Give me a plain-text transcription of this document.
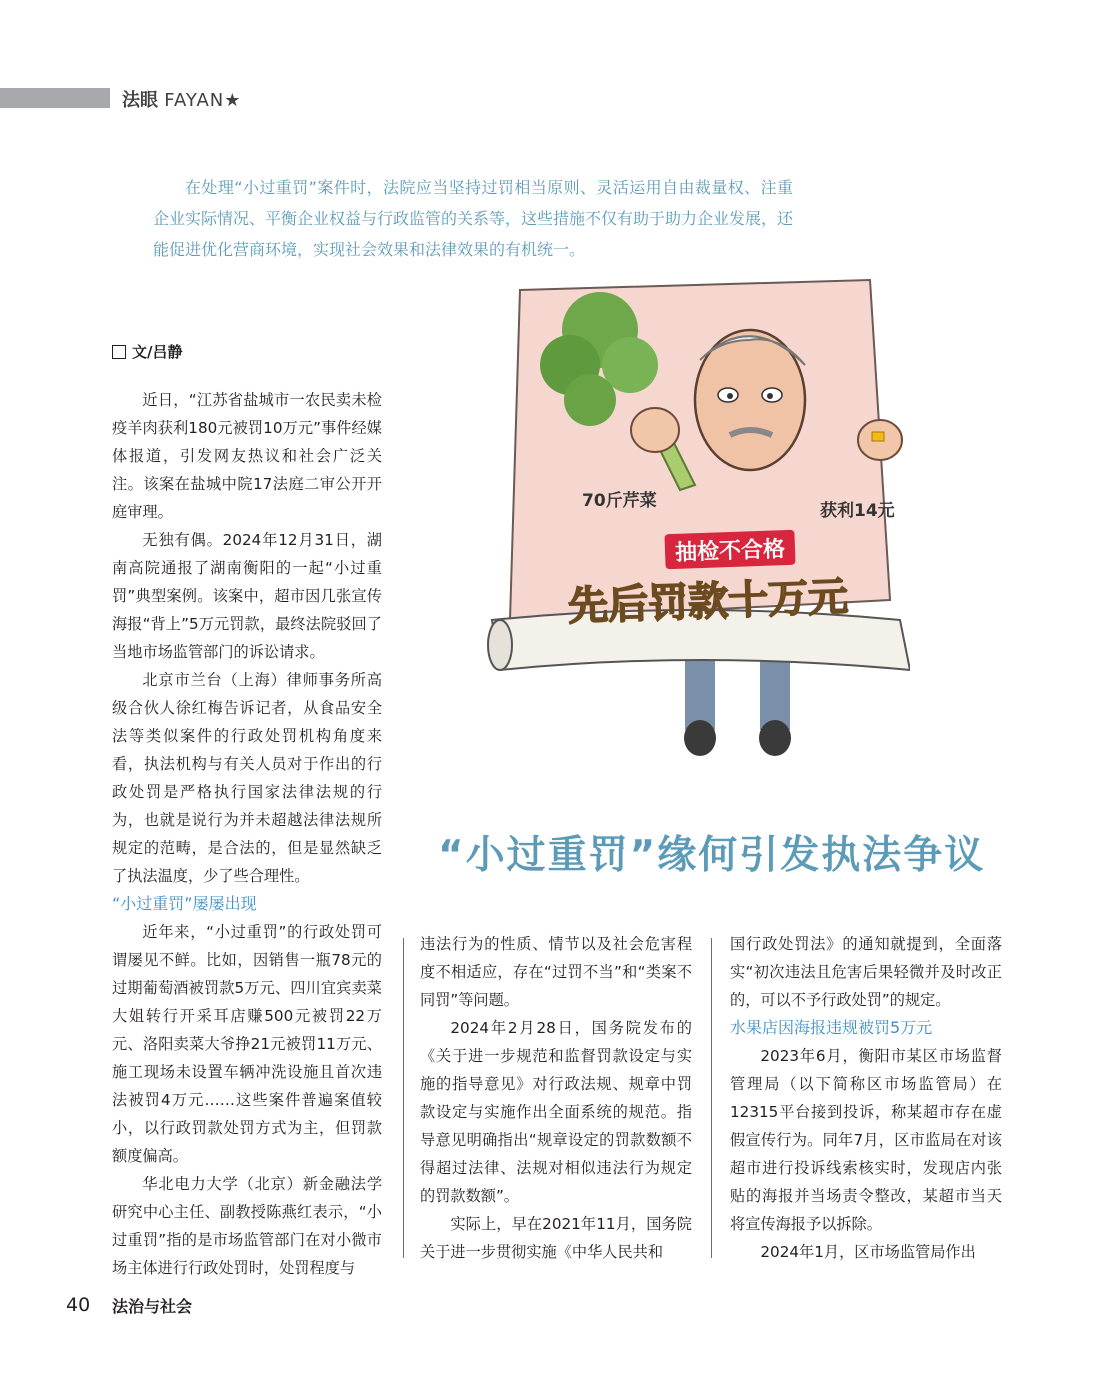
法眼 FAYAN★
在处理“小过重罚”案件时，法院应当坚持过罚相当原则、灵活运用自由裁量权、注重企业实际情况、平衡企业权益与行政监管的关系等，这些措施不仅有助于助力企业发展，还能促进优化营商环境，实现社会效果和法律效果的有机统一。
文/吕静
70斤芹菜	获利14元
抽检不合格
先后罚款十万元
“小过重罚”缘何引发执法争议

近日，“江苏省盐城市一农民卖未检疫羊肉获利180元被罚10万元”事件经媒体报道，引发网友热议和社会广泛关注。该案在盐城中院17法庭二审公开开庭审理。

无独有偶。2024年12月31日，湖南高院通报了湖南衡阳的一起“小过重罚”典型案例。该案中，超市因几张宣传海报“背上”5万元罚款，最终法院驳回了当地市场监管部门的诉讼请求。

北京市兰台（上海）律师事务所高级合伙人徐红梅告诉记者，从食品安全法等类似案件的行政处罚机构角度来看，执法机构与有关人员对于作出的行政处罚是严格执行国家法律法规的行为，也就是说行为并未超越法律法规所规定的范畴，是合法的，但是显然缺乏了执法温度，少了些合理性。

“小过重罚”屡屡出现

近年来，“小过重罚”的行政处罚可谓屡见不鲜。比如，因销售一瓶78元的过期葡萄酒被罚款5万元、四川宜宾卖菜大姐转行开采耳店赚500元被罚22万元、洛阳卖菜大爷挣21元被罚11万元、施工现场未设置车辆冲洗设施且首次违法被罚4万元……这些案件普遍案值较小，以行政罚款处罚方式为主，但罚款额度偏高。

华北电力大学（北京）新金融法学研究中心主任、副教授陈燕红表示，“小过重罚”指的是市场监管部门在对小微市场主体进行行政处罚时，处罚程度与

违法行为的性质、情节以及社会危害程度不相适应，存在“过罚不当”和“类案不同罚”等问题。

2024年2月28日，国务院发布的《关于进一步规范和监督罚款设定与实施的指导意见》对行政法规、规章中罚款设定与实施作出全面系统的规范。指导意见明确指出“规章设定的罚款数额不得超过法律、法规对相似违法行为规定的罚款数额”。

实际上，早在2021年11月，国务院关于进一步贯彻实施《中华人民共和

国行政处罚法》的通知就提到，全面落实“初次违法且危害后果轻微并及时改正的，可以不予行政处罚”的规定。

水果店因海报违规被罚5万元

2023年6月，衡阳市某区市场监督管理局（以下简称区市场监管局）在12315平台接到投诉，称某超市存在虚假宣传行为。同年7月，区市监局在对该超市进行投诉线索核实时，发现店内张贴的海报并当场责令整改，某超市当天将宣传海报予以拆除。

2024年1月，区市场监管局作出

40 法治与社会
